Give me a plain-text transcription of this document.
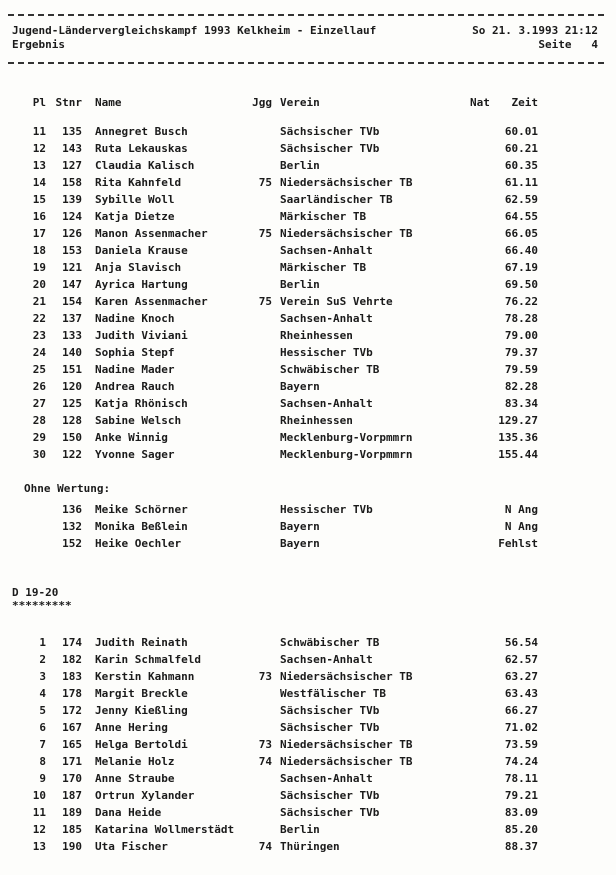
Jugend-Ländervergleichskampf 1993 Kelkheim - Einzellauf
Ergebnis
So 21. 3.1993 21:12
Seite   4
Pl Stnr Name	Jgg Verein	Nat	Zeit
11	135 Annegret Busch	Sächsischer TVb	60.01
12	143 Ruta Lekauskas	Sächsischer TVb	60.21
13	127 Claudia Kalisch	Berlin	60.35
14	158 Rita Kahnfeld	75 Niedersächsischer TB	61.11
15	139 Sybille Woll	Saarländischer TB	62.59
16	124 Katja Dietze	Märkischer TB	64.55
17	126 Manon Assenmacher	75 Niedersächsischer TB	66.05
18	153 Daniela Krause	Sachsen-Anhalt	66.40
19	121 Anja Slavisch	Märkischer TB	67.19
20	147 Ayrica Hartung	Berlin	69.50
21	154 Karen Assenmacher	75 Verein SuS Vehrte	76.22
22	137 Nadine Knoch	Sachsen-Anhalt	78.28
23	133 Judith Viviani	Rheinhessen	79.00
24	140 Sophia Stepf	Hessischer TVb	79.37
25	151 Nadine Mader	Schwäbischer TB	79.59
26	120 Andrea Rauch	Bayern	82.28
27	125 Katja Rhönisch	Sachsen-Anhalt	83.34
28	128 Sabine Welsch	Rheinhessen	129.27
29	150 Anke Winnig	Mecklenburg-Vorpmmrn	135.36
30	122 Yvonne Sager	Mecklenburg-Vorpmmrn	155.44
Ohne Wertung:
136 Meike Schörner	Hessischer TVb	N Ang
132 Monika Beßlein	Bayern	N Ang
152 Heike Oechler	Bayern	Fehlst
D 19-20
*********
1	174 Judith Reinath	Schwäbischer TB	56.54
2	182 Karin Schmalfeld	Sachsen-Anhalt	62.57
3	183 Kerstin Kahmann	73 Niedersächsischer TB	63.27
4	178 Margit Breckle	Westfälischer TB	63.43
5	172 Jenny Kießling	Sächsischer TVb	66.27
6	167 Anne Hering	Sächsischer TVb	71.02
7	165 Helga Bertoldi	73 Niedersächsischer TB	73.59
8	171 Melanie Holz	74 Niedersächsischer TB	74.24
9	170 Anne Straube	Sachsen-Anhalt	78.11
10	187 Ortrun Xylander	Sächsischer TVb	79.21
11	189 Dana Heide	Sächsischer TVb	83.09
12	185 Katarina Wollmerstädt	Berlin	85.20
13	190 Uta Fischer	74 Thüringen	88.37
